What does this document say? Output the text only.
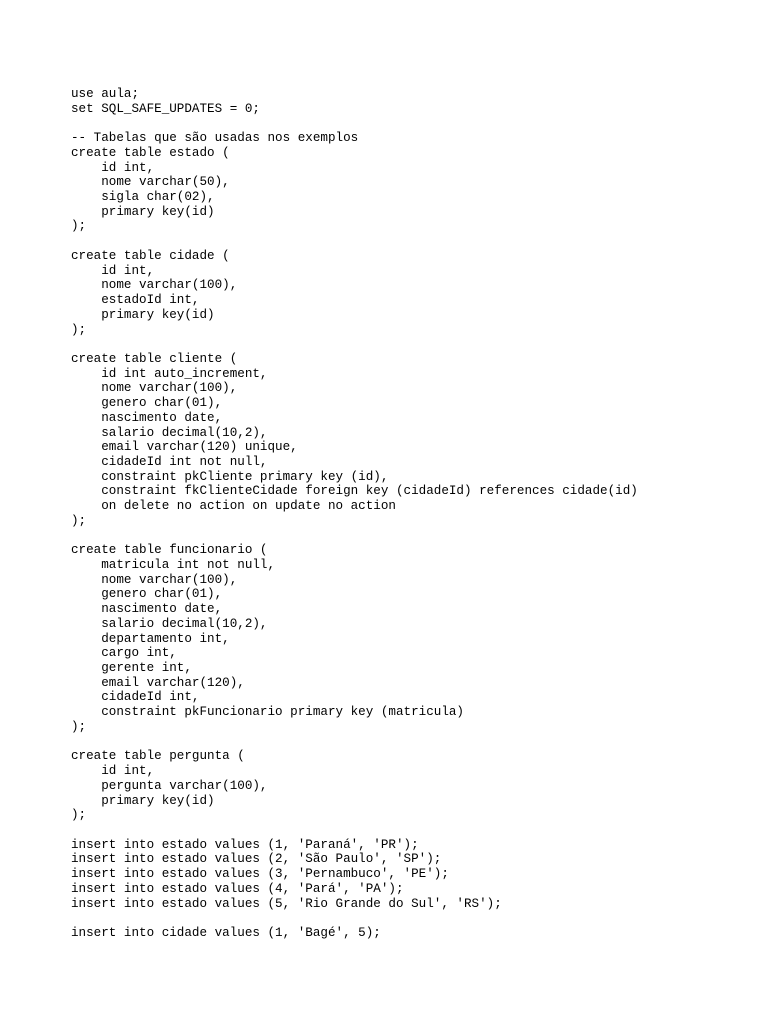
use aula;
set SQL_SAFE_UPDATES = 0;
-- Tabelas que são usadas nos exemplos
create table estado (
id int,
nome varchar(50),
sigla char(02),
primary key(id)
);
create table cidade (
id int,
nome varchar(100),
estadoId int,
primary key(id)
);
create table cliente (
id int auto_increment,
nome varchar(100),
genero char(01),
nascimento date,
salario decimal(10,2),
email varchar(120) unique,
cidadeId int not null,
constraint pkCliente primary key (id),
constraint fkClienteCidade foreign key (cidadeId) references cidade(id)
on delete no action on update no action
);
create table funcionario (
matricula int not null,
nome varchar(100),
genero char(01),
nascimento date,
salario decimal(10,2),
departamento int,
cargo int,
gerente int,
email varchar(120),
cidadeId int,
constraint pkFuncionario primary key (matricula)
);
create table pergunta (
id int,
pergunta varchar(100),
primary key(id)
);
insert into estado values (1, 'Paraná', 'PR');
insert into estado values (2, 'São Paulo', 'SP');
insert into estado values (3, 'Pernambuco', 'PE');
insert into estado values (4, 'Pará', 'PA');
insert into estado values (5, 'Rio Grande do Sul', 'RS');
insert into cidade values (1, 'Bagé', 5);
